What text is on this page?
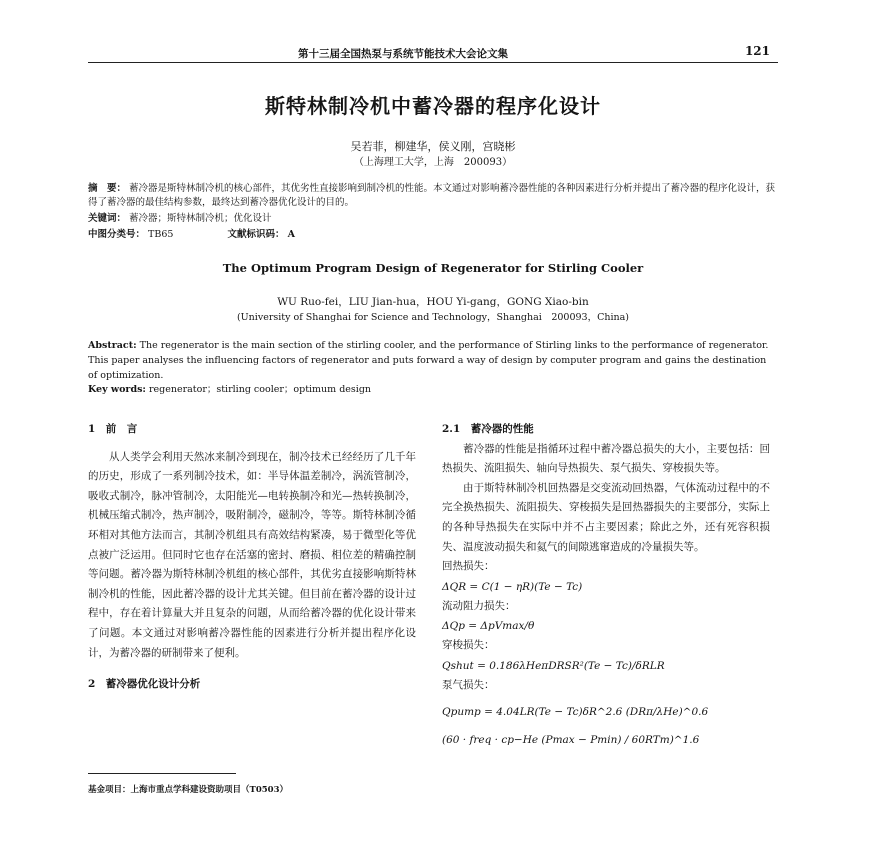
第十三届全国热泵与系统节能技术大会论文集	121
斯特林制冷机中蓄冷器的程序化设计
吴若菲，柳建华，侯义刚，宫晓彬
（上海理工大学，上海　200093）
摘　要： 蓄冷器是斯特林制冷机的核心部件，其优劣性直接影响到制冷机的性能。本文通过对影响蓄冷器性能的各种因素进行分析并提出了蓄冷器的程序化设计，获得了蓄冷器的最佳结构参数，最终达到蓄冷器优化设计的目的。
关键词： 蓄冷器；斯特林制冷机；优化设计
中图分类号： TB65	文献标识码： A
The Optimum Program Design of Regenerator for Stirling Cooler
WU Ruo-fei，LIU Jian-hua，HOU Yi-gang，GONG Xiao-bin
(University of Shanghai for Science and Technology，Shanghai　200093，China)
Abstract: The regenerator is the main section of the stirling cooler, and the performance of Stirling links to the performance of regenerator. This paper analyses the influencing factors of regenerator and puts forward a way of design by computer program and gains the destination of optimization.
Key words: regenerator；stirling cooler；optimum design

1　前　言

从人类学会利用天然冰来制冷到现在，制冷技术已经经历了几千年的历史，形成了一系列制冷技术，如：半导体温差制冷，涡流管制冷，吸收式制冷，脉冲管制冷，太阳能光—电转换制冷和光—热转换制冷，机械压缩式制冷，热声制冷，吸附制冷，磁制冷，等等。斯特林制冷循环相对其他方法而言，其制冷机组具有高效结构紧凑，易于微型化等优点被广泛运用。但同时它也存在活塞的密封、磨损、相位差的精确控制等问题。蓄冷器为斯特林制冷机组的核心部件，其优劣直接影响斯特林制冷机的性能，因此蓄冷器的设计尤其关键。但目前在蓄冷器的设计过程中，存在着计算量大并且复杂的问题，从而给蓄冷器的优化设计带来了问题。本文通过对影响蓄冷器性能的因素进行分析并提出程序化设计，为蓄冷器的研制带来了便利。

2　蓄冷器优化设计分析

2.1　蓄冷器的性能

蓄冷器的性能是指循环过程中蓄冷器总损失的大小，主要包括：回热损失、流阻损失、轴向导热损失、泵气损失、穿梭损失等。

由于斯特林制冷机回热器是交变流动回热器，气体流动过程中的不完全换热损失、流阻损失、穿梭损失是回热器损失的主要部分，实际上的各种导热损失在实际中并不占主要因素；除此之外，还有死容积损失、温度波动损失和氦气的间隙逃窜造成的冷量损失等。

回热损失：

ΔQR = C(1 − ηR)(Te − Tc)

流动阻力损失：

ΔQp = ΔpVmax/θ

穿梭损失：

Qshut = 0.186λHeπDRSR²(Te − Tc)/δRLR

泵气损失：

Qpump = 4.04LR(Te − Tc)δR^2.6 (DRπ/λHe)^0.6

(60 · freq · cp−He (Pmax − Pmin) / 60RTm)^1.6

基金项目：上海市重点学科建设资助项目（T0503）
